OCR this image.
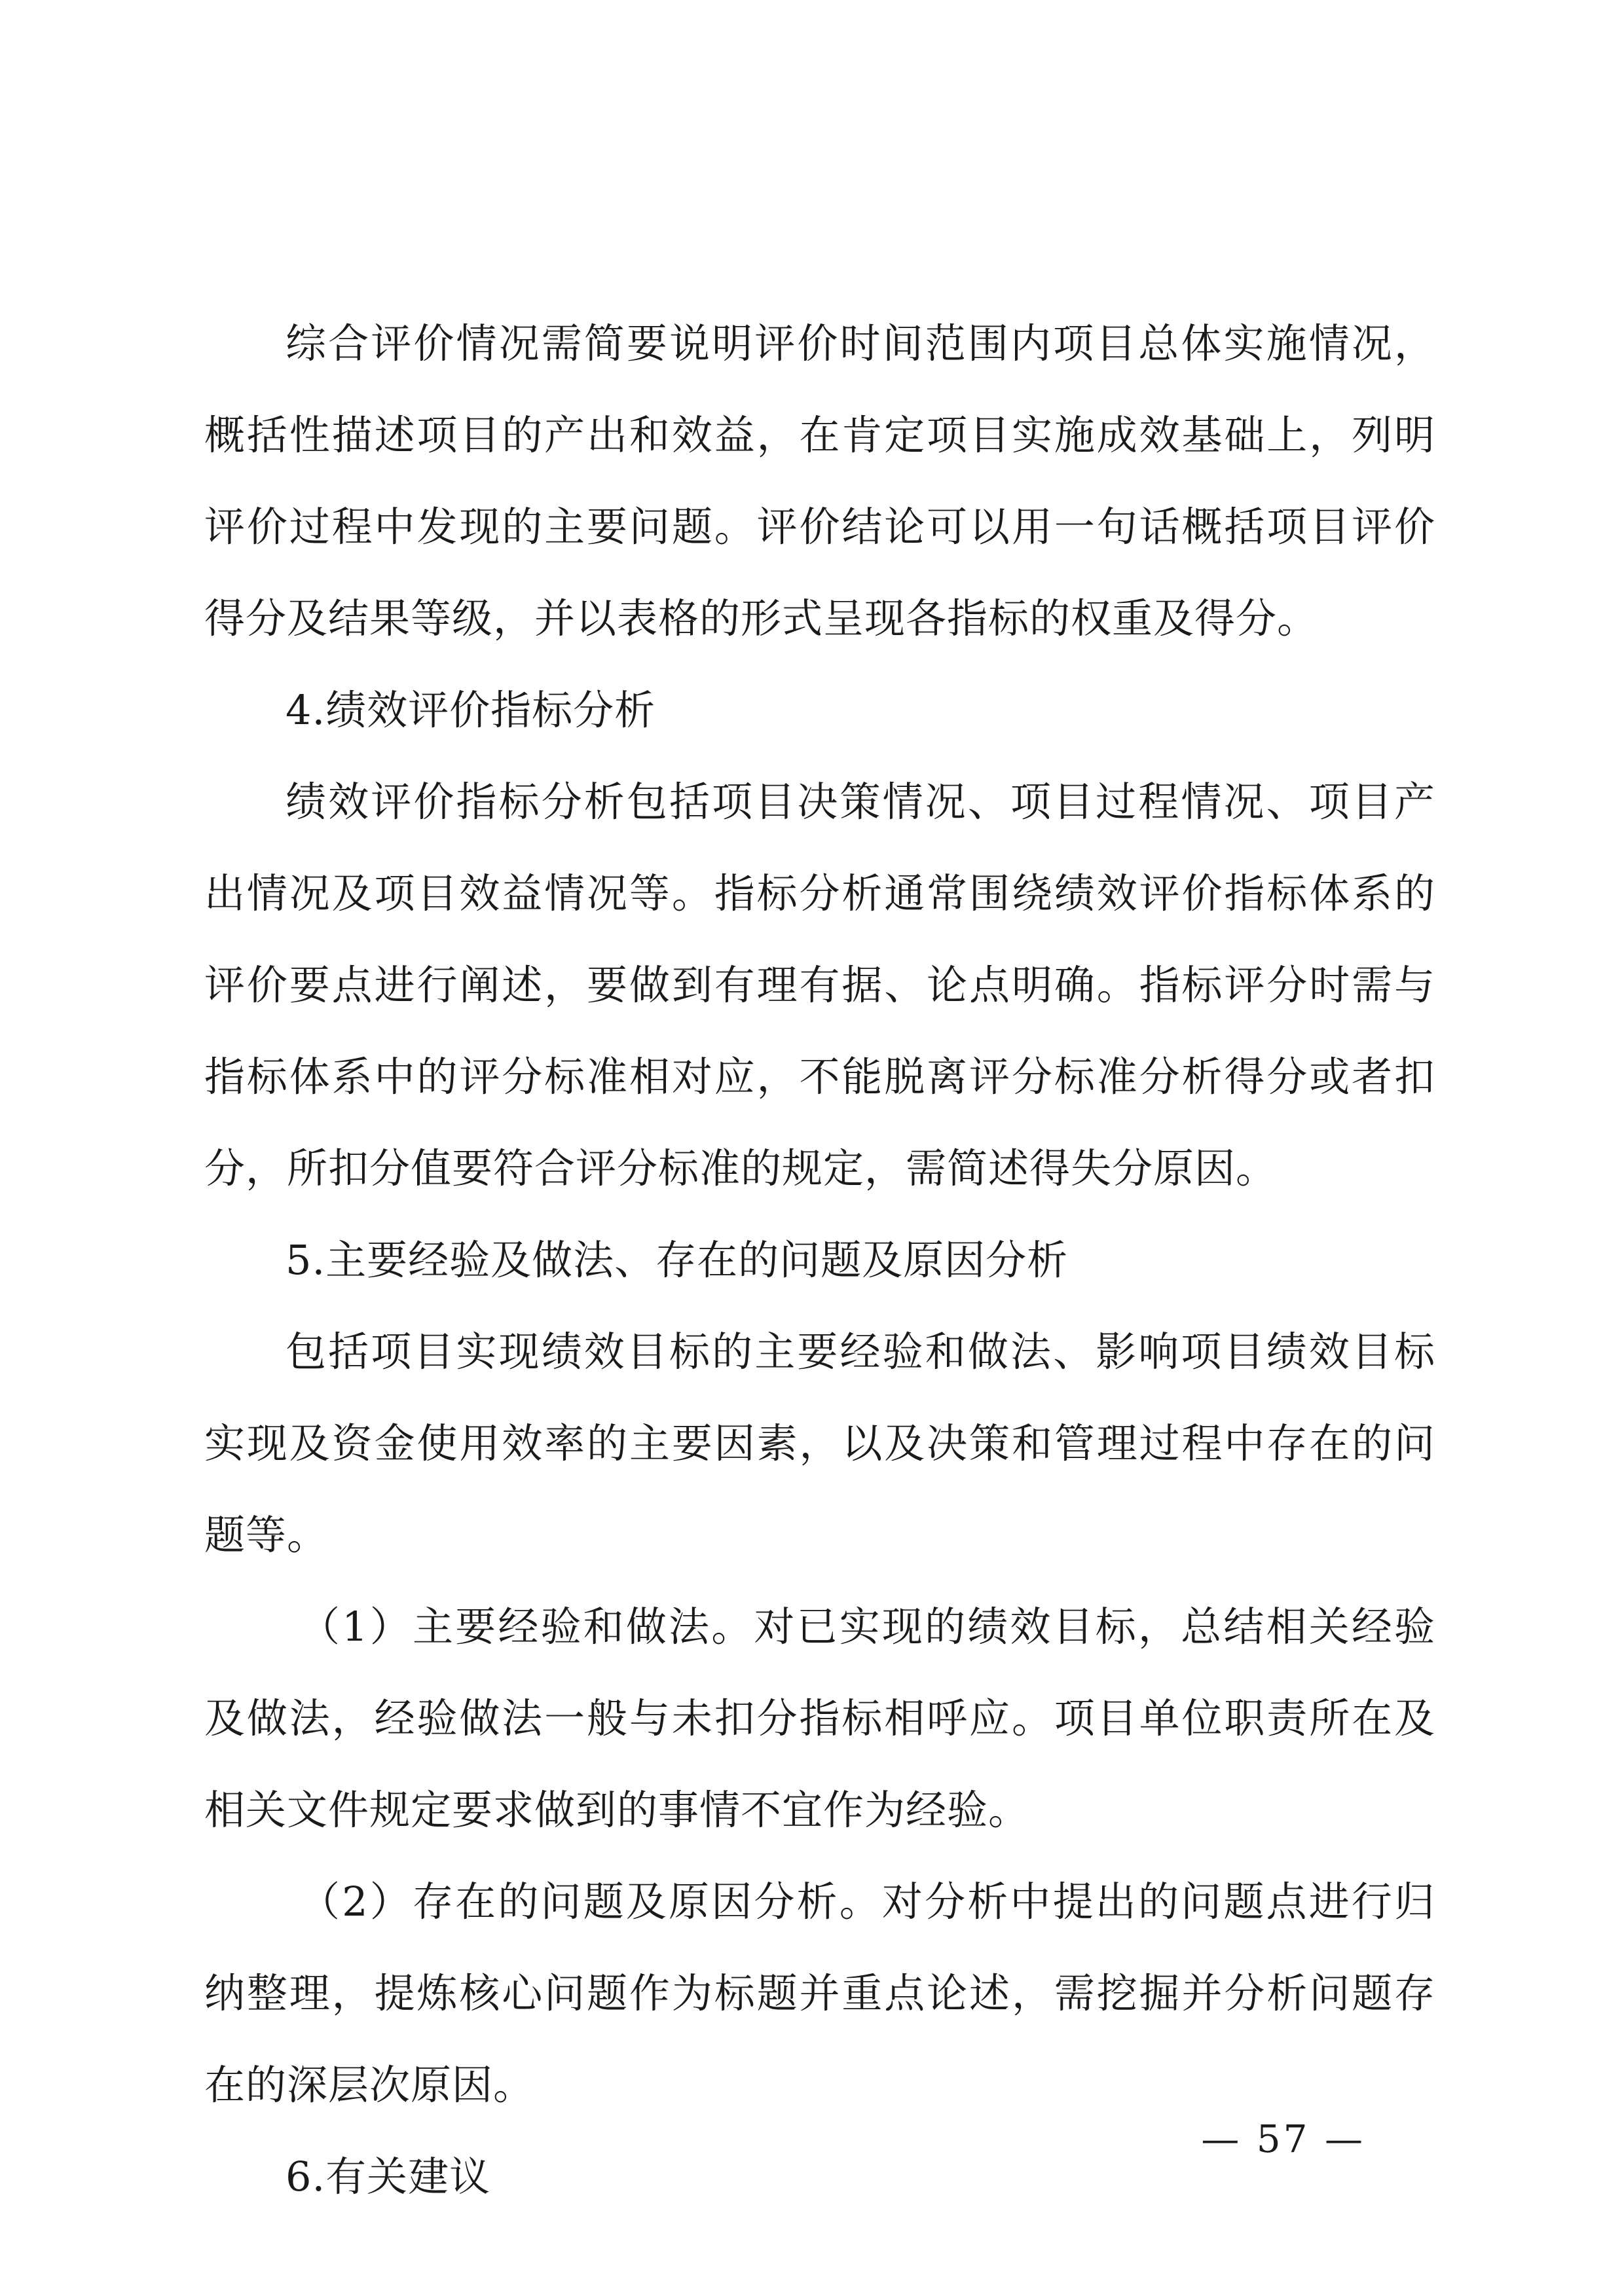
综合评价情况需简要说明评价时间范围内项目总体实施情况，概括性描述项目的产出和效益，在肯定项目实施成效基础上，列明评价过程中发现的主要问题。评价结论可以用一句话概括项目评价得分及结果等级，并以表格的形式呈现各指标的权重及得分。

4.绩效评价指标分析

绩效评价指标分析包括项目决策情况、项目过程情况、项目产出情况及项目效益情况等。指标分析通常围绕绩效评价指标体系的评价要点进行阐述，要做到有理有据、论点明确。指标评分时需与指标体系中的评分标准相对应，不能脱离评分标准分析得分或者扣分，所扣分值要符合评分标准的规定，需简述得失分原因。

5.主要经验及做法、存在的问题及原因分析

包括项目实现绩效目标的主要经验和做法、影响项目绩效目标实现及资金使用效率的主要因素，以及决策和管理过程中存在的问题等。

（1）主要经验和做法。对已实现的绩效目标，总结相关经验及做法，经验做法一般与未扣分指标相呼应。项目单位职责所在及相关文件规定要求做到的事情不宜作为经验。

（2）存在的问题及原因分析。对分析中提出的问题点进行归纳整理，提炼核心问题作为标题并重点论述，需挖掘并分析问题存在的深层次原因。

6.有关建议

— 57 —
